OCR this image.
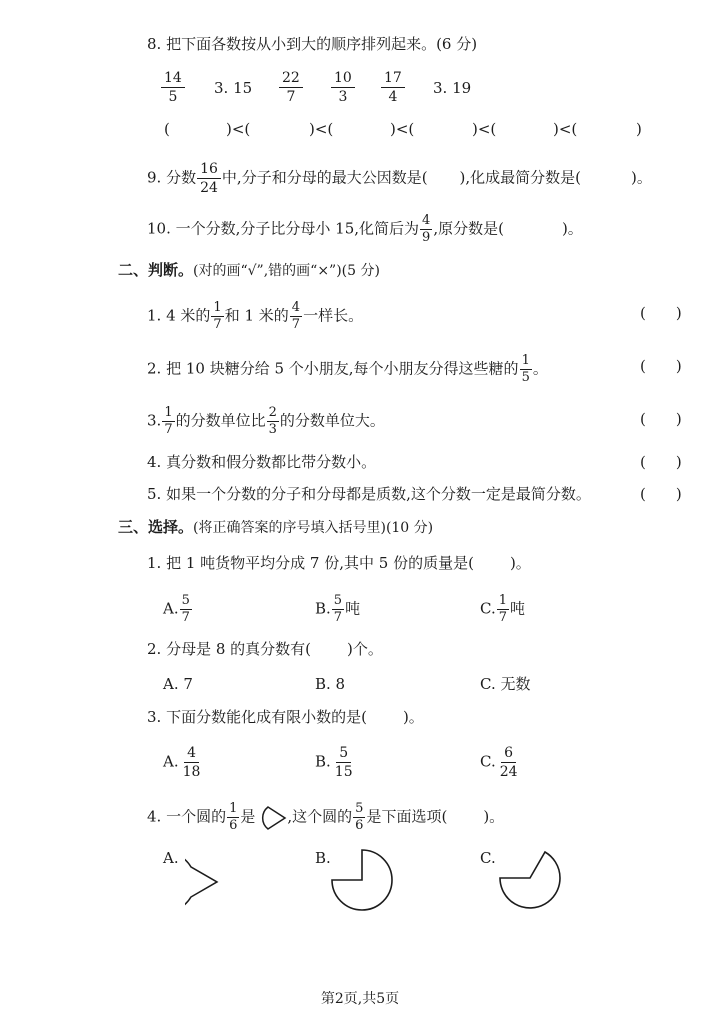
8. 把下面各数按从小到大的顺序排列起来。(6 分)
$\frac{14}{5} 3$. $15 \frac{22}{7} \frac{10}{3} \frac{17}{4} 3$. 19
(	)<(	)<(	)<(	)<(	)<(	)
9. 分数 $\frac{16}{24}$ 中,分子和分母的最大公因数是( ),化成最简分数是(	)。
10. 一个分数,分子比分母小 15,化简后为 $\frac{4}{9}$ ,原分数是(	)。
二、判断。(对的画“√”,错的画“×”)(5 分)
1. 4 米的 $\frac{1}{7}$ 和 1 米的 $\frac{4}{7}$ 一样长。	( )
2. 把 10 块糖分给 5 个小朋友,每个小朋友分得这些糖的 $\frac{1}{5}$ 。	( )
3. $\frac{1}{7}$ 的分数单位比 $\frac{2}{3}$ 的分数单位大。	( )
4. 真分数和假分数都比带分数小。	( )
5. 如果一个分数的分子和分母都是质数,这个分数一定是最简分数。	( )
三、选择。(将正确答案的序号填入括号里)(10 分)
1. 把 1 吨货物平均分成 7 份,其中 5 份的质量是( )。
A. $\frac{5}{7}$	B. $\frac{5}{7}$ 吨	C. $\frac{1}{7}$ 吨
2. 分母是 8 的真分数有( )个。
A. 7	B. 8	C. 无数
3. 下面分数能化成有限小数的是( )。
A. $\frac{4}{18}$	B. $\frac{5}{15}$	C. $\frac{6}{24}$
4. 一个圆的 $\frac{1}{6}$ 是 ,这个圆的 $\frac{5}{6}$ 是下面选项( )。
A.	B.	C.
第2页,共5页
